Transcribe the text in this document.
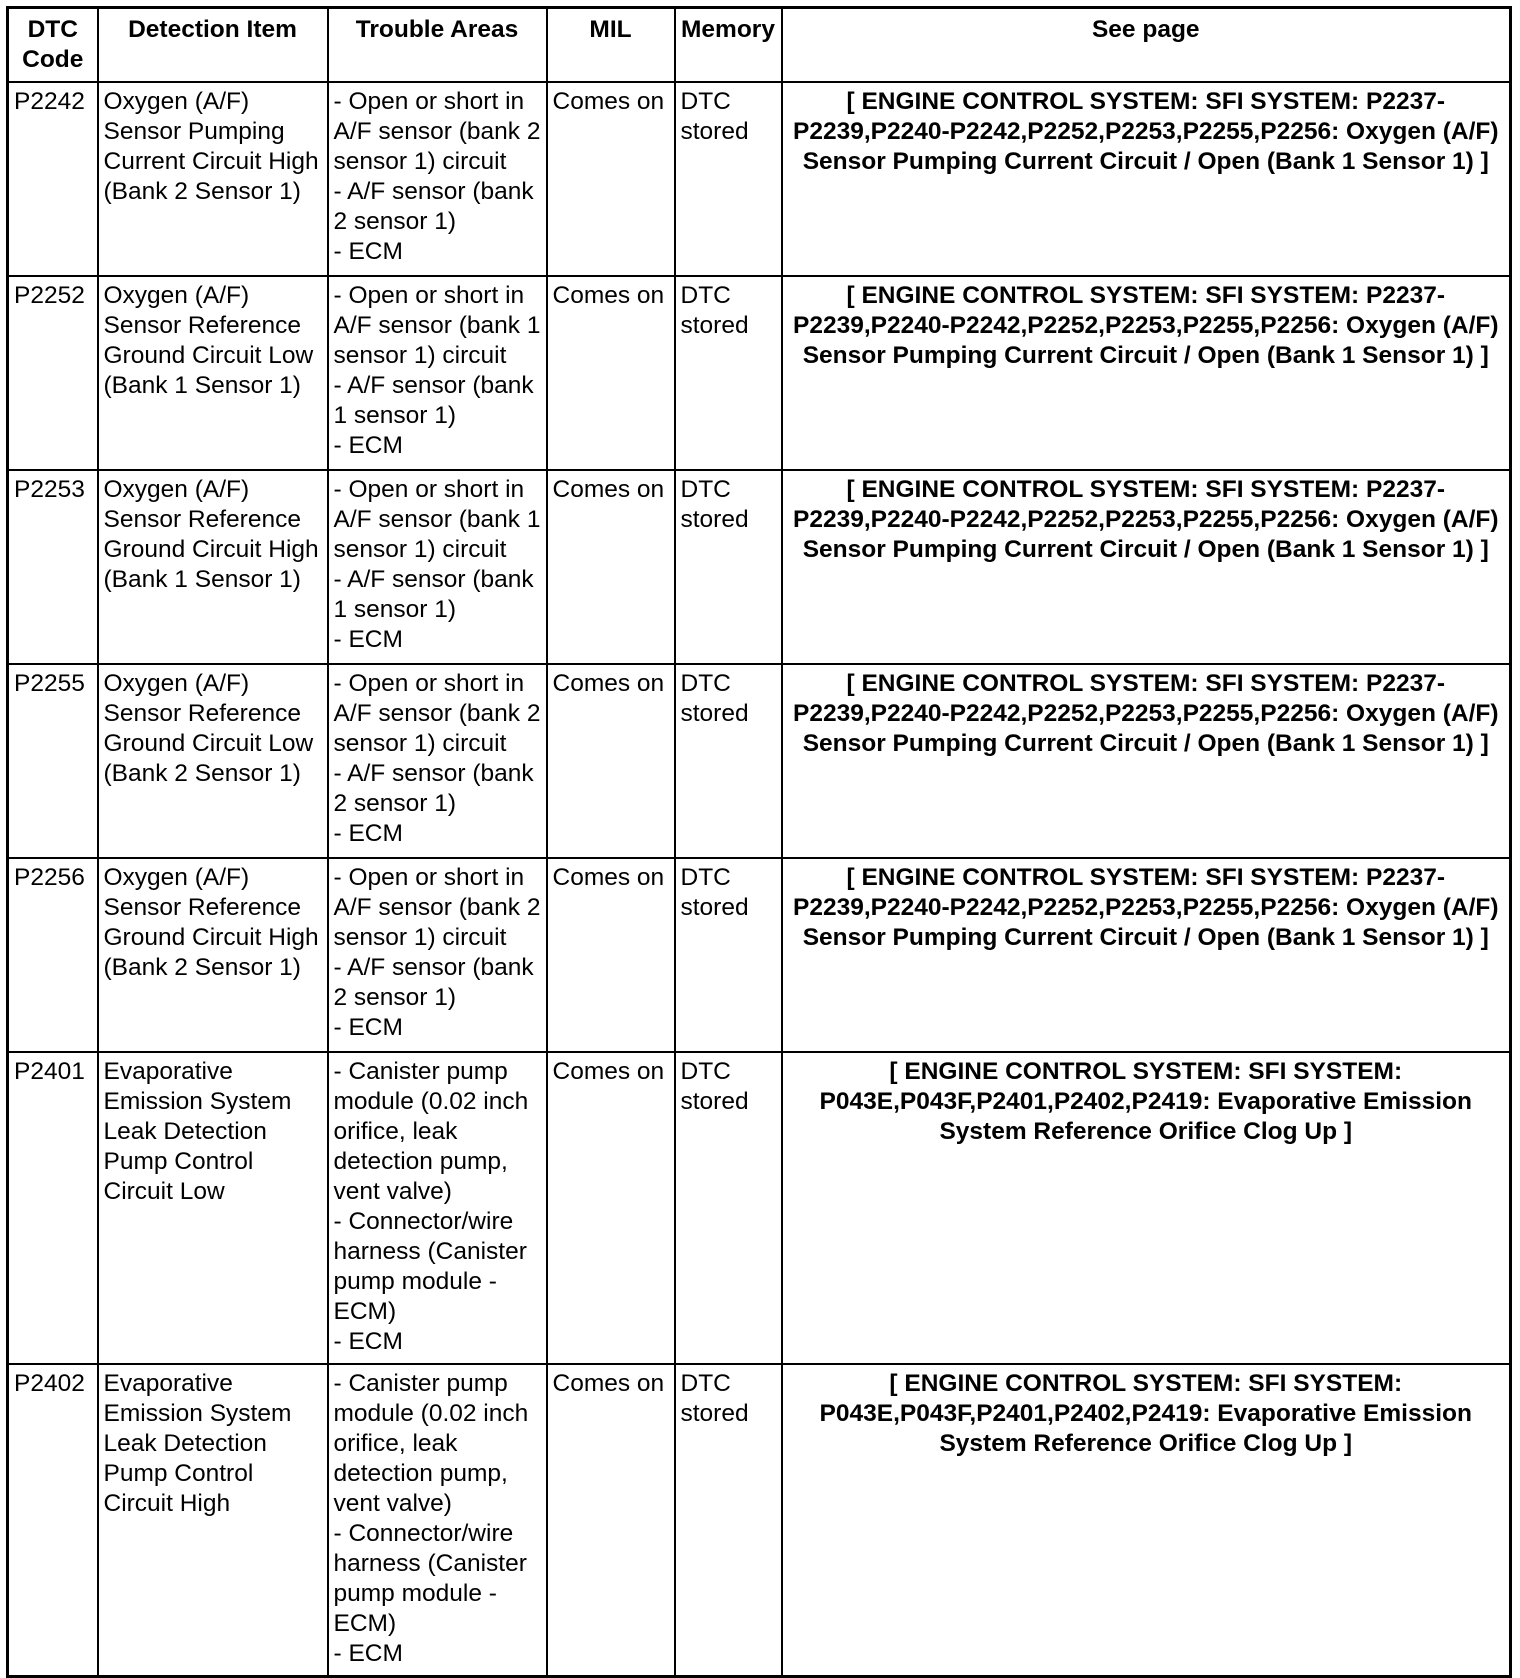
DTC
Code	Detection Item	Trouble Areas	MIL	Memory	See page
P2242	Oxygen (A/F) Sensor Pumping Current Circuit High (Bank 2 Sensor 1)	- Open or short in A/F sensor (bank 2 sensor 1) circuit
- A/F sensor (bank 2 sensor 1)
- ECM	Comes on	DTC stored	[ ENGINE CONTROL SYSTEM: SFI SYSTEM: P2237-P2239,P2240-P2242,P2252,P2253,P2255,P2256: Oxygen (A/F) Sensor Pumping Current Circuit / Open (Bank 1 Sensor 1) ]
P2252	Oxygen (A/F) Sensor Reference Ground Circuit Low (Bank 1 Sensor 1)	- Open or short in A/F sensor (bank 1 sensor 1) circuit
- A/F sensor (bank 1 sensor 1)
- ECM	Comes on	DTC stored	[ ENGINE CONTROL SYSTEM: SFI SYSTEM: P2237-P2239,P2240-P2242,P2252,P2253,P2255,P2256: Oxygen (A/F) Sensor Pumping Current Circuit / Open (Bank 1 Sensor 1) ]
P2253	Oxygen (A/F) Sensor Reference Ground Circuit High (Bank 1 Sensor 1)	- Open or short in A/F sensor (bank 1 sensor 1) circuit
- A/F sensor (bank 1 sensor 1)
- ECM	Comes on	DTC stored	[ ENGINE CONTROL SYSTEM: SFI SYSTEM: P2237-P2239,P2240-P2242,P2252,P2253,P2255,P2256: Oxygen (A/F) Sensor Pumping Current Circuit / Open (Bank 1 Sensor 1) ]
P2255	Oxygen (A/F) Sensor Reference Ground Circuit Low (Bank 2 Sensor 1)	- Open or short in A/F sensor (bank 2 sensor 1) circuit
- A/F sensor (bank 2 sensor 1)
- ECM	Comes on	DTC stored	[ ENGINE CONTROL SYSTEM: SFI SYSTEM: P2237-P2239,P2240-P2242,P2252,P2253,P2255,P2256: Oxygen (A/F) Sensor Pumping Current Circuit / Open (Bank 1 Sensor 1) ]
P2256	Oxygen (A/F) Sensor Reference Ground Circuit High (Bank 2 Sensor 1)	- Open or short in A/F sensor (bank 2 sensor 1) circuit
- A/F sensor (bank 2 sensor 1)
- ECM	Comes on	DTC stored	[ ENGINE CONTROL SYSTEM: SFI SYSTEM: P2237-P2239,P2240-P2242,P2252,P2253,P2255,P2256: Oxygen (A/F) Sensor Pumping Current Circuit / Open (Bank 1 Sensor 1) ]
P2401	Evaporative Emission System Leak Detection Pump Control Circuit Low	- Canister pump module (0.02 inch orifice, leak detection pump, vent valve)
- Connector/wire harness (Canister pump module - ECM)
- ECM	Comes on	DTC stored	[ ENGINE CONTROL SYSTEM: SFI SYSTEM: P043E,P043F,P2401,P2402,P2419: Evaporative Emission System Reference Orifice Clog Up ]
P2402	Evaporative Emission System Leak Detection Pump Control Circuit High	- Canister pump module (0.02 inch orifice, leak detection pump, vent valve)
- Connector/wire harness (Canister pump module - ECM)
- ECM	Comes on	DTC stored	[ ENGINE CONTROL SYSTEM: SFI SYSTEM: P043E,P043F,P2401,P2402,P2419: Evaporative Emission System Reference Orifice Clog Up ]
